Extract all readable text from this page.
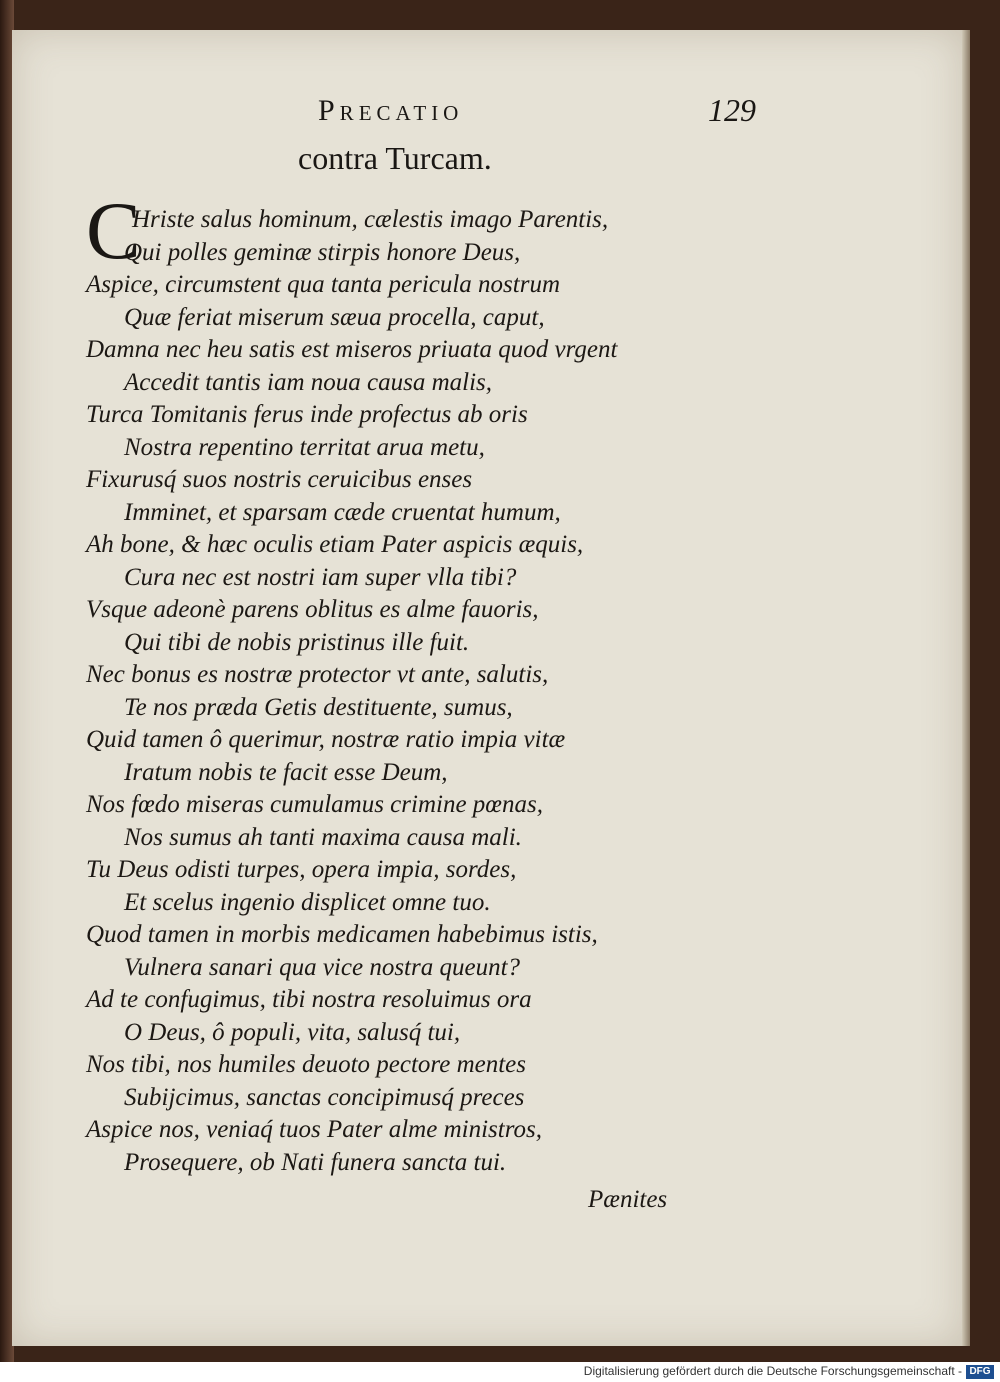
Precatio	129
contra Turcam.
C
Hriste salus hominum, cælestis imago Parentis,
Qui polles geminæ stirpis honore Deus,
Aspice, circumstent qua tanta pericula nostrum
Quæ feriat miserum sæua procella, caput,
Damna nec heu satis est miseros priuata quod vrgent
Accedit tantis iam noua causa malis,
Turca Tomitanis ferus inde profectus ab oris
Nostra repentino territat arua metu,
Fixurusq́ suos nostris ceruicibus enses
Imminet, et sparsam cæde cruentat humum,
Ah bone, & hæc oculis etiam Pater aspicis æquis,
Cura nec est nostri iam super vlla tibi?
Vsque adeonè parens oblitus es alme fauoris,
Qui tibi de nobis pristinus ille fuit.
Nec bonus es nostræ protector vt ante, salutis,
Te nos præda Getis destituente, sumus,
Quid tamen ô querimur, nostræ ratio impia vitæ
Iratum nobis te facit esse Deum,
Nos fœdo miseras cumulamus crimine pœnas,
Nos sumus ah tanti maxima causa mali.
Tu Deus odisti turpes, opera impia, sordes,
Et scelus ingenio displicet omne tuo.
Quod tamen in morbis medicamen habebimus istis,
Vulnera sanari qua vice nostra queunt?
Ad te confugimus, tibi nostra resoluimus ora
O Deus, ô populi, vita, salusq́ tui,
Nos tibi, nos humiles deuoto pectore mentes
Subijcimus, sanctas concipimusq́ preces
Aspice nos, veniaq́ tuos Pater alme ministros,
Prosequere, ob Nati funera sancta tui.
Pænites
Digitalisierung gefördert durch die Deutsche Forschungsgemeinschaft - DFG
